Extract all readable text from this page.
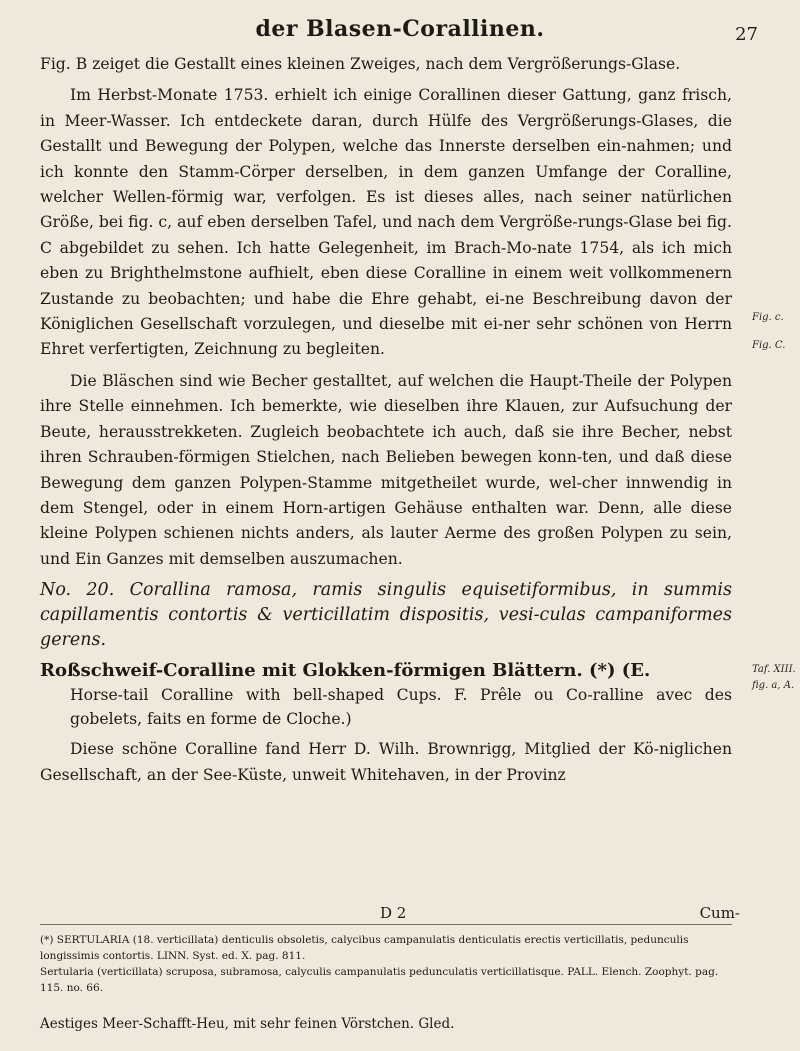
der Blasen-Corallinen.	27

Fig. B zeiget die Gestallt eines kleinen Zweiges, nach dem Vergrößerungs-Glase.

Im Herbst-Monate 1753. erhielt ich einige Corallinen dieser Gattung, ganz frisch, in Meer-Wasser. Ich entdeckete daran, durch Hülfe des Vergrößerungs-Glases, die Gestallt und Bewegung der Polypen, welche das Innerste derselben ein-nahmen; und ich konnte den Stamm-Cörper derselben, in dem ganzen Umfange der Coralline, welcher Wellen-förmig war, verfolgen. Es ist dieses alles, nach seiner natürlichen Größe, bei fig. c, auf eben derselben Tafel, und nach dem Vergröße-rungs-Glase bei fig. C abgebildet zu sehen. Ich hatte Gelegenheit, im Brach-Mo-nate 1754, als ich mich eben zu Brighthelmstone aufhielt, eben diese Coralline in einem weit vollkommenern Zustande zu beobachten; und habe die Ehre gehabt, ei-ne Beschreibung davon der Königlichen Gesellschaft vorzulegen, und dieselbe mit ei-ner sehr schönen von Herrn Ehret verfertigten, Zeichnung zu begleiten.

Die Bläschen sind wie Becher gestalltet, auf welchen die Haupt-Theile der Polypen ihre Stelle einnehmen. Ich bemerkte, wie dieselben ihre Klauen, zur Aufsuchung der Beute, herausstrekketen. Zugleich beobachtete ich auch, daß sie ihre Becher, nebst ihren Schrauben-förmigen Stielchen, nach Belieben bewegen konn-ten, und daß diese Bewegung dem ganzen Polypen-Stamme mitgetheilet wurde, wel-cher innwendig in dem Stengel, oder in einem Horn-artigen Gehäuse enthalten war. Denn, alle diese kleine Polypen schienen nichts anders, als lauter Aerme des großen Polypen zu sein, und Ein Ganzes mit demselben auszumachen.

No. 20. Corallina ramosa, ramis singulis equisetiformibus, in summis capillamentis contortis & verticillatim dispositis, vesi-culas campaniformes gerens.

Roßschweif-Coralline mit Glokken-förmigen Blättern. (*) (E.

Horse-tail Coralline with bell-shaped Cups. F. Prêle ou Co-ralline avec des gobelets, faits en forme de Cloche.)

Diese schöne Coralline fand Herr D. Wilh. Brownrigg, Mitglied der Kö-niglichen Gesellschaft, an der See-Küste, unweit Whitehaven, in der Provinz

Fig. c.
Fig. C.
Taf. XIII.
fig. a, A.
D 2	Cum-
(*) SERTULARIA (18. verticillata) denticulis obsoletis, calycibus campanulatis denticulatis erectis verticillatis, pedunculis longissimis contortis. LINN. Syst. ed. X. pag. 811.
Sertularia (verticillata) scruposa, subramosa, calyculis campanulatis pedunculatis verticillatisque. PALL. Elench. Zoophyt. pag. 115. no. 66.
Aestiges Meer-Schafft-Heu, mit sehr feinen Vörstchen. Gled.
